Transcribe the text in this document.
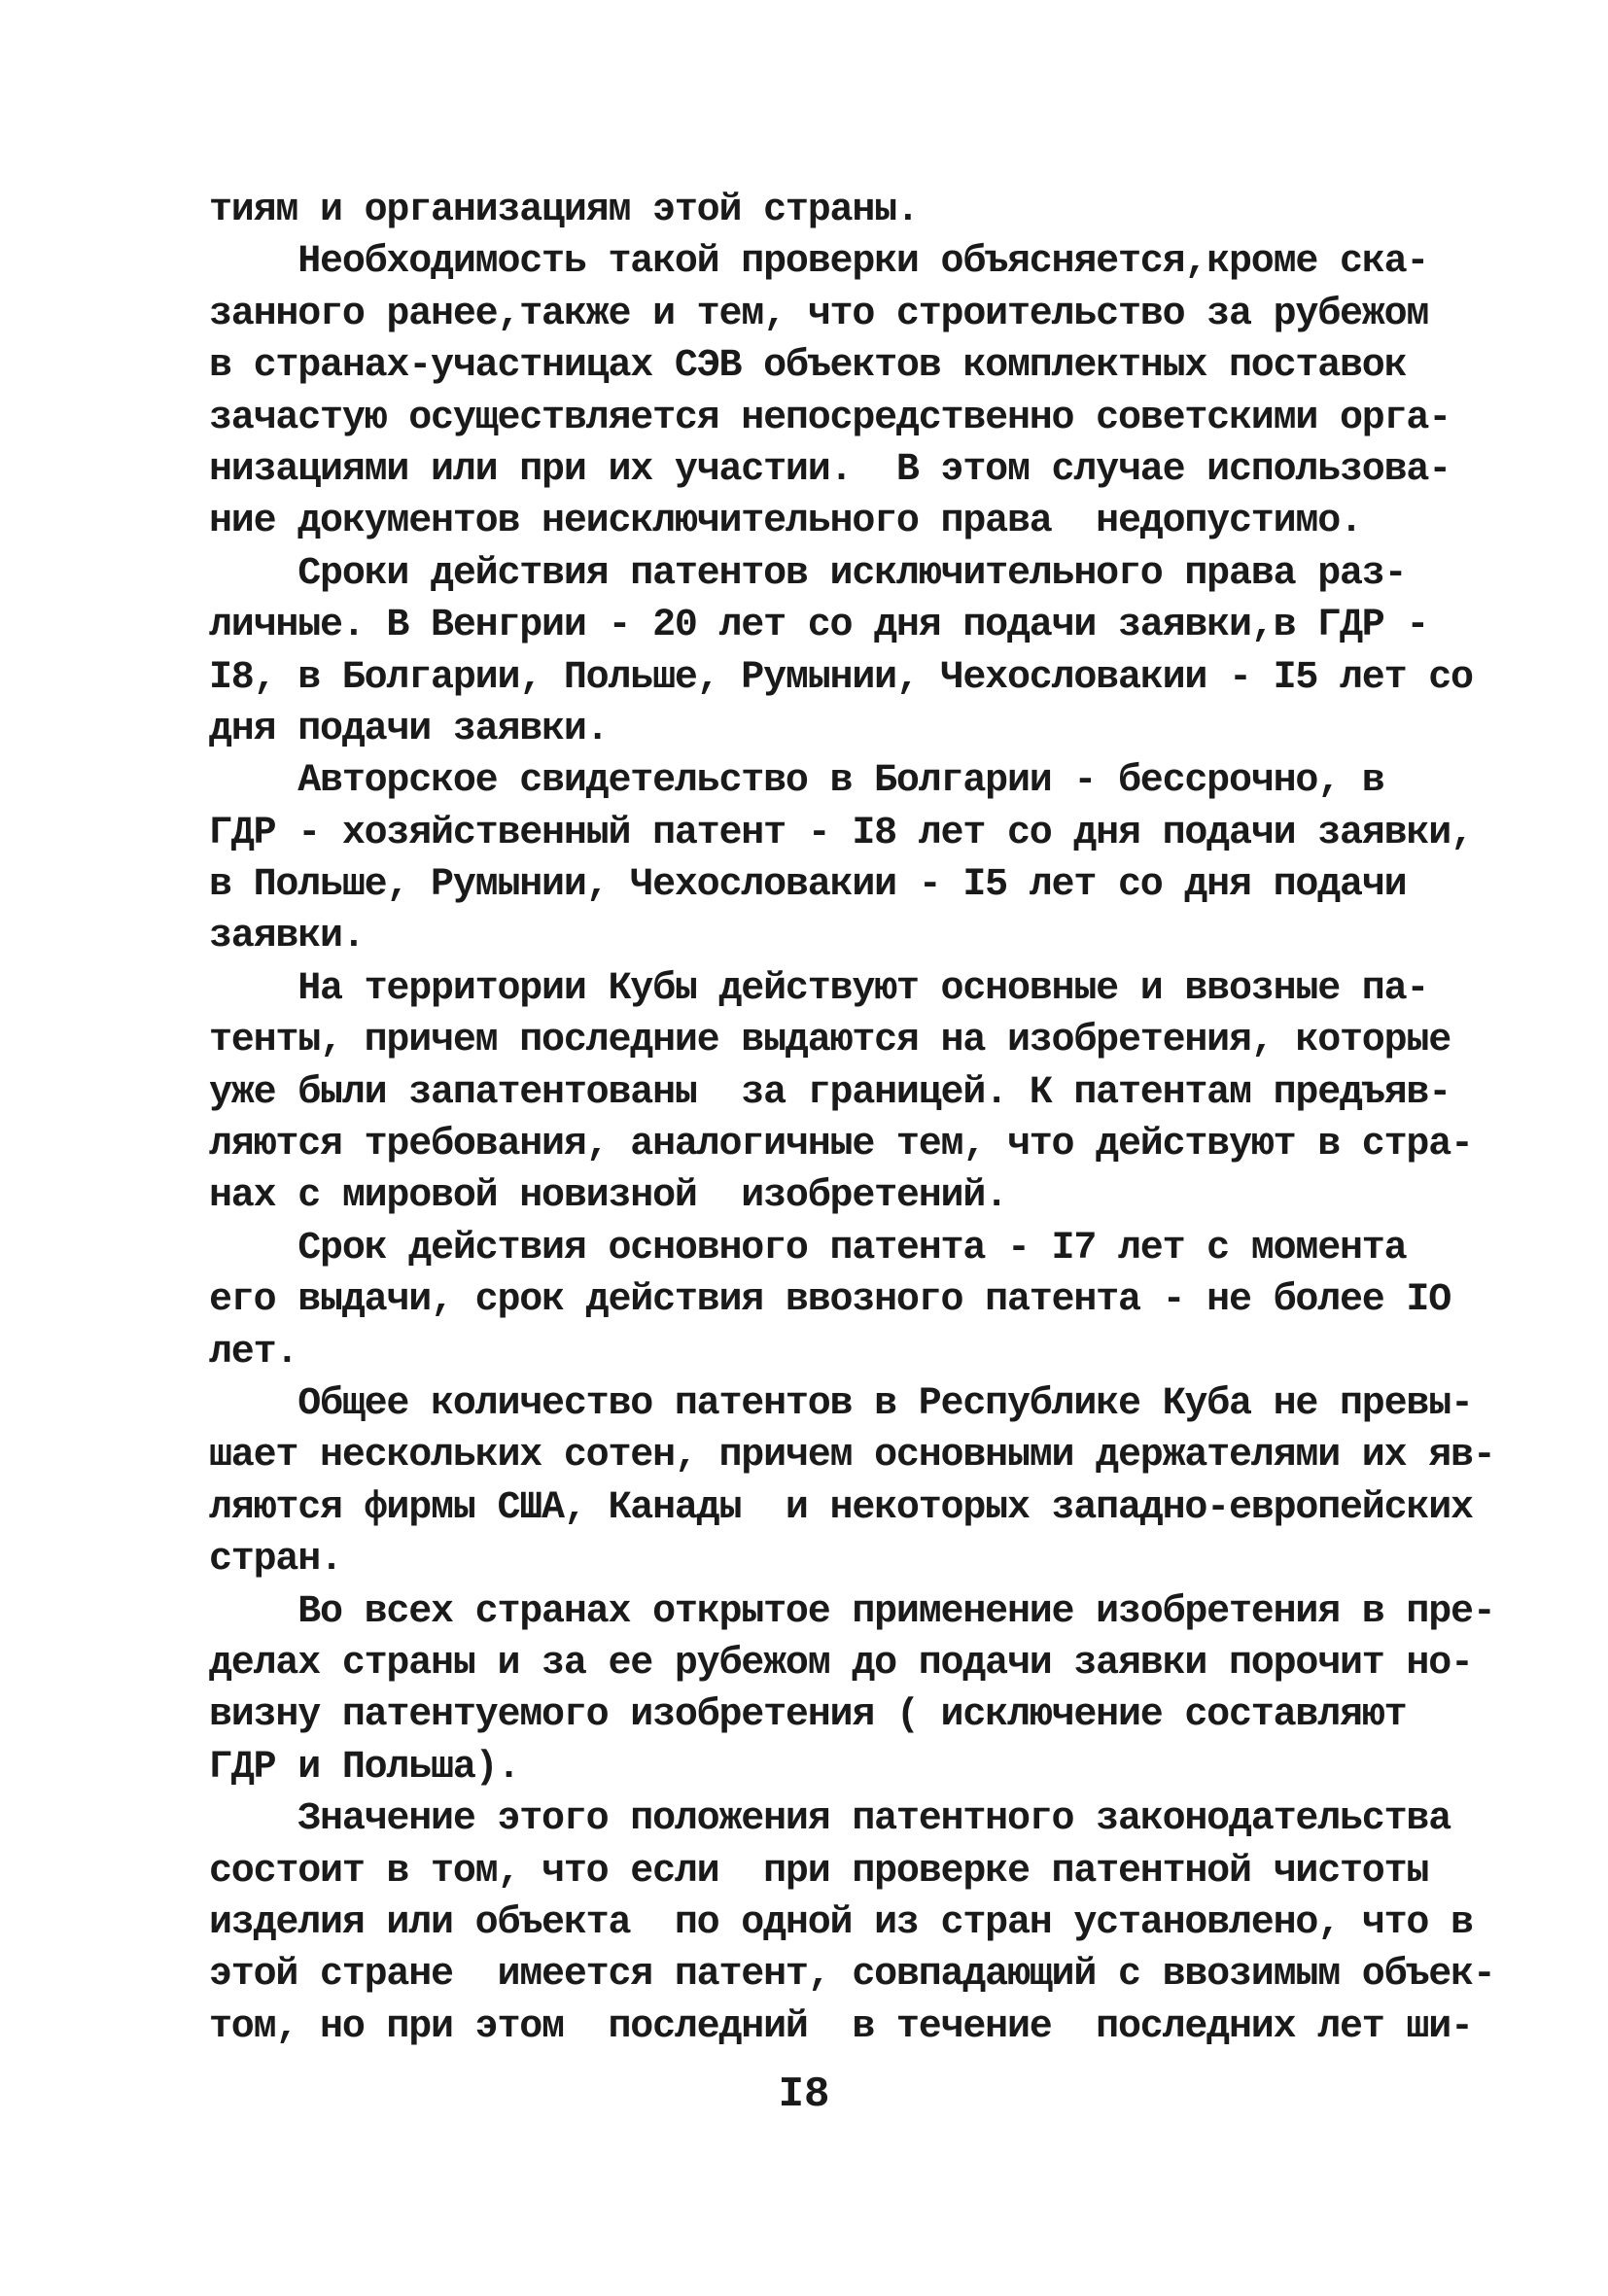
тиям и организациям этой страны.
Необходимость такой проверки объясняется,кроме ска-
занного ранее,также и тем, что строительство за рубежом
в странах-участницах СЭВ объектов комплектных поставок
зачастую осуществляется непосредственно советскими орга-
низациями или при их участии.  В этом случае использова-
ние документов неисключительного права  недопустимо.
Сроки действия патентов исключительного права раз-
личные. В Венгрии - 20 лет со дня подачи заявки,в ГДР -
I8, в Болгарии, Польше, Румынии, Чехословакии - I5 лет со
дня подачи заявки.
Авторское свидетельство в Болгарии - бессрочно, в
ГДР - хозяйственный патент - I8 лет со дня подачи заявки,
в Польше, Румынии, Чехословакии - I5 лет со дня подачи
заявки.
На территории Кубы действуют основные и ввозные па-
тенты, причем последние выдаются на изобретения, которые
уже были запатентованы  за границей. К патентам предъяв-
ляются требования, аналогичные тем, что действуют в стра-
нах с мировой новизной  изобретений.
Срок действия основного патента - I7 лет с момента
его выдачи, срок действия ввозного патента - не более IO
лет.
Общее количество патентов в Республике Куба не превы-
шает нескольких сотен, причем основными держателями их яв-
ляются фирмы США, Канады  и некоторых западно-европейских
стран.
Во всех странах открытое применение изобретения в пре-
делах страны и за ее рубежом до подачи заявки порочит но-
визну патентуемого изобретения ( исключение составляют
ГДР и Польша).
Значение этого положения патентного законодательства
состоит в том, что если  при проверке патентной чистоты
изделия или объекта  по одной из стран установлено, что в
этой стране  имеется патент, совпадающий с ввозимым объек-
том, но при этом  последний  в течение  последних лет ши-
I8
